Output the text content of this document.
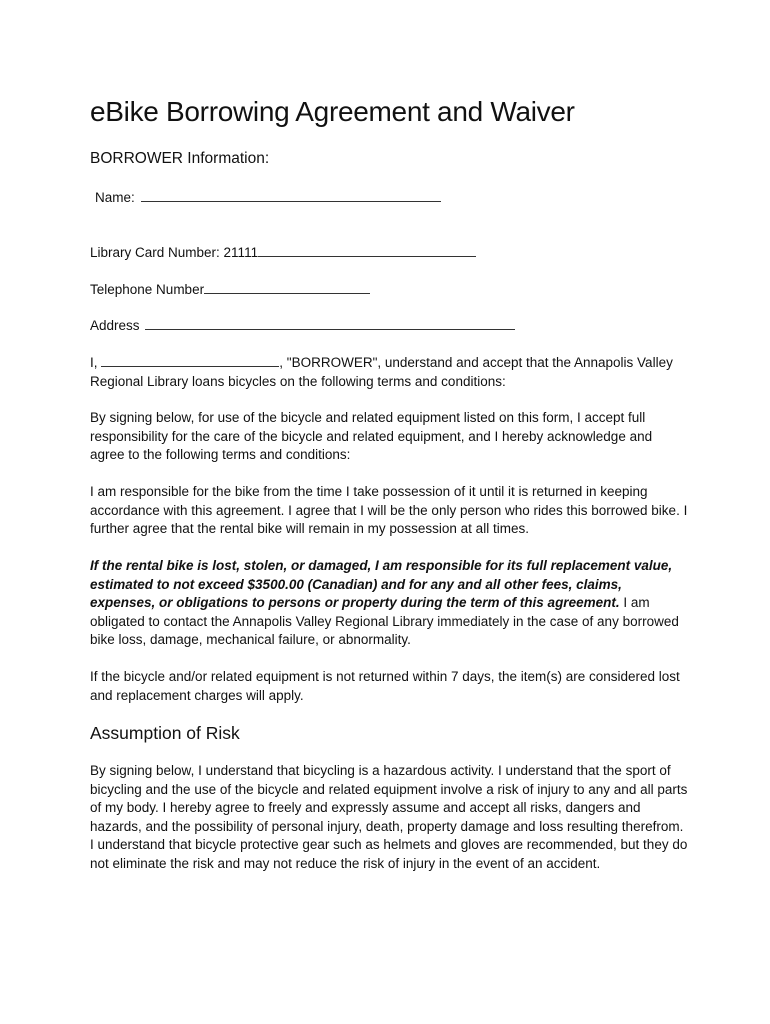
eBike Borrowing Agreement and Waiver
BORROWER Information:
Name:
Library Card Number: 21111
Telephone Number
Address

I,	, "BORROWER", understand and accept that the Annapolis Valley Regional Library loans bicycles on the following terms and conditions:

By signing below, for use of the bicycle and related equipment listed on this form, I accept full responsibility for the care of the bicycle and related equipment, and I hereby acknowledge and agree to the following terms and conditions:

I am responsible for the bike from the time I take possession of it until it is returned in keeping accordance with this agreement. I agree that I will be the only person who rides this borrowed bike. I further agree that the rental bike will remain in my possession at all times.

If the rental bike is lost, stolen, or damaged, I am responsible for its full replacement value, estimated to not exceed $3500.00 (Canadian) and for any and all other fees, claims, expenses, or obligations to persons or property during the term of this agreement. I am obligated to contact the Annapolis Valley Regional Library immediately in the case of any borrowed bike loss, damage, mechanical failure, or abnormality.

If the bicycle and/or related equipment is not returned within 7 days, the item(s) are considered lost and replacement charges will apply.

Assumption of Risk

By signing below, I understand that bicycling is a hazardous activity. I understand that the sport of bicycling and the use of the bicycle and related equipment involve a risk of injury to any and all parts of my body. I hereby agree to freely and expressly assume and accept all risks, dangers and hazards, and the possibility of personal injury, death, property damage and loss resulting therefrom. I understand that bicycle protective gear such as helmets and gloves are recommended, but they do not eliminate the risk and may not reduce the risk of injury in the event of an accident.
